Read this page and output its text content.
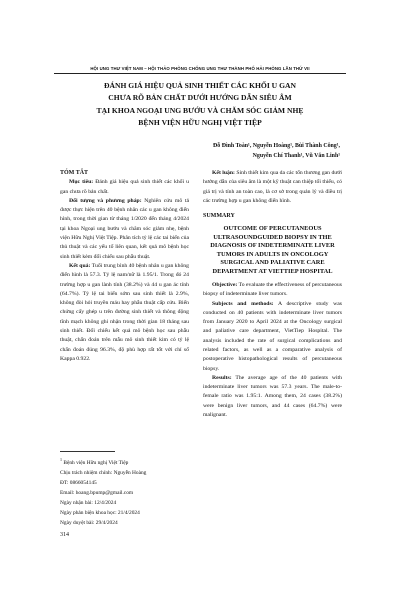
HỘI UNG THƯ VIỆT NAM – HỘI THẢO PHÒNG CHỐNG UNG THƯ THÀNH PHỐ HẢI PHÒNG LẦN THỨ VII
ĐÁNH GIÁ HIỆU QUẢ SINH THIẾT CÁC KHỐI U GAN
CHƯA RÕ BẢN CHẤT DƯỚI HƯỚNG DẪN SIÊU ÂM
TẠI KHOA NGOẠI UNG BƯỚU VÀ CHĂM SÓC GIẢM NHẸ
BỆNH VIỆN HỮU NGHỊ VIỆT TIỆP
Đỗ Đình Toàn¹, Nguyễn Hoàng¹, Bùi Thành Công¹,
Nguyễn Chí Thanh¹, Vũ Văn Linh¹

TÓM TẮT

Mục tiêu: Đánh giá hiệu quả sinh thiết các khối u gan chưa rõ bản chất.

Đối tượng và phương pháp: Nghiên cứu mô tả được thực hiện trên 40 bệnh nhân các u gan không điển hình, trong thời gian từ tháng 1/2020 đến tháng 4/2024 tại khoa Ngoại ung bướu và chăm sóc giảm nhẹ, bệnh viện Hữu Nghị Việt Tiệp. Phân tích tỷ lệ các tai biến của thủ thuật và các yếu tố liên quan, kết quả mô bệnh học sinh thiết kèm đối chiếu sau phẫu thuật.

Kết quả: Tuổi trung bình 40 bệnh nhân u gan không điển hình là 57.3. Tỷ lệ nam/nữ là 1.95/1. Trong đó 24 trường hợp u gan lành tính (38.2%) và 44 u gan ác tính (64.7%). Tỷ lệ tai biến sớm sau sinh thiết là 2.9%, không đòi hỏi truyền máu hay phẫu thuật cấp cứu. Biến chứng cấy ghép u trên đường sinh thiết và thông động tĩnh mạch không ghi nhận trong thời gian 18 tháng sau sinh thiết. Đối chiếu kết quả mô bệnh học sau phẫu thuật, chẩn đoán trên mẫu mô sinh thiết kim có tỷ lệ chẩn đoán đúng 96.3%, độ phù hợp rất tốt với chỉ số Kappa 0.922.

Kết luận: Sinh thiết kim qua da các tổn thương gan dưới hướng dẫn của siêu âm là một kỹ thuật can thiệp tối thiểu, có giá trị và tính an toàn cao, là cơ sở trong quản lý và điều trị các trường hợp u gan không điển hình.

SUMMARY

OUTCOME OF PERCUTANEOUS ULTRASOUNDGUIDED BIOPSY IN THE DIAGNOSIS OF INDETERMINATE LIVER TUMORS IN ADULTS IN ONCOLOGY SURGICAL AND PALIATIVE CARE DEPARTMENT AT VIETTIEP HOSPITAL

Objective: To evaluate the effectiveness of percutaneous biopsy of indeterminate liver tumors.

Subjects and methods: A descriptive study was conducted on 40 patients with indeterminate liver tumors from January 2020 to April 2024 at the Oncology surgical and paliative care department, VietTiep Hospital. The analysis included the rate of surgical complications and related factors, as well as a comparative analysis of postoperative histopathological results of percutaneous biopsy.

Results: The average age of the 40 patients with indeterminate liver tumors was 57.3 years. The male-to-female ratio was 1.95:1. Among them, 24 cases (38.2%) were benign liver tumors, and 44 cases (64.7%) were malignant.

$^1$ Bệnh viện Hữu nghị Việt Tiệp
Chịu trách nhiệm chính: Nguyễn Hoàng
ĐT: 0866054145
Email: hoang.bpump@gmail.com
Ngày nhận bài: 12/4/2024
Ngày phản biện khoa học: 21/4/2024
Ngày duyệt bài: 29/4/2024
314
